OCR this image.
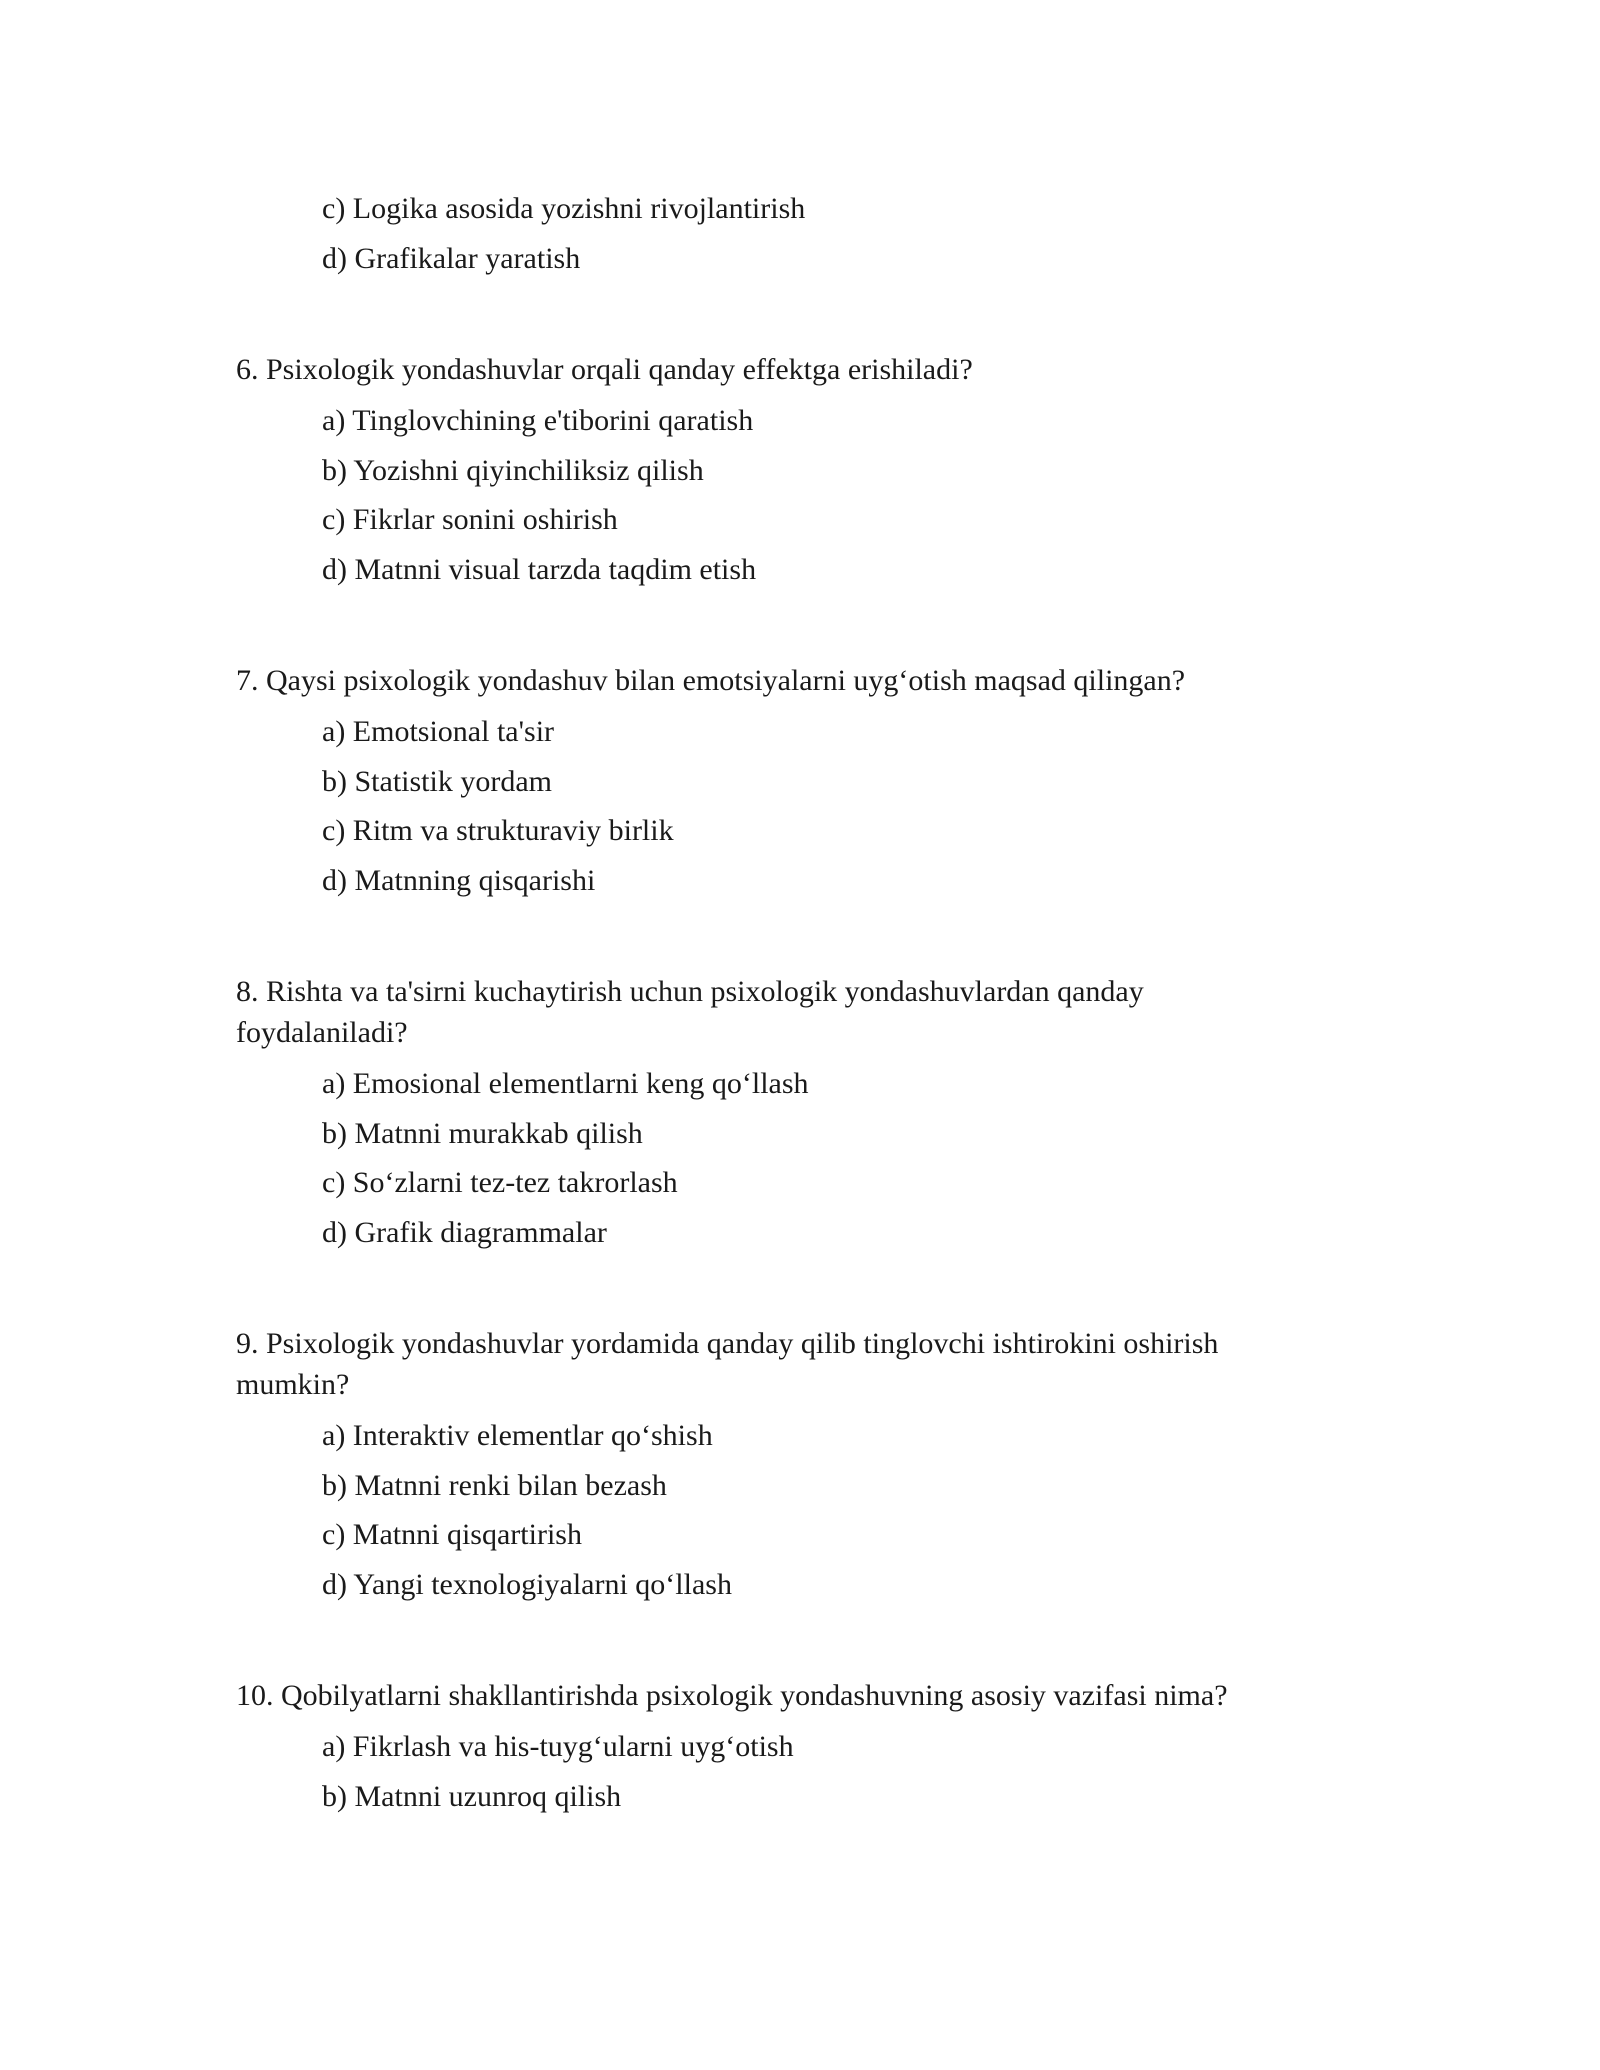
c) Logika asosida yozishni rivojlantirish
d) Grafikalar yaratish

6. Psixologik yondashuvlar orqali qanday effektga erishiladi?

a) Tinglovchining e'tiborini qaratish
b) Yozishni qiyinchiliksiz qilish
c) Fikrlar sonini oshirish
d) Matnni visual tarzda taqdim etish

7. Qaysi psixologik yondashuv bilan emotsiyalarni uyg‘otish maqsad qilingan?

a) Emotsional ta'sir
b) Statistik yordam
c) Ritm va strukturaviy birlik
d) Matnning qisqarishi

8. Rishta va ta'sirni kuchaytirish uchun psixologik yondashuvlardan qanday foydalaniladi?

a) Emosional elementlarni keng qo‘llash
b) Matnni murakkab qilish
c) So‘zlarni tez-tez takrorlash
d) Grafik diagrammalar

9. Psixologik yondashuvlar yordamida qanday qilib tinglovchi ishtirokini oshirish mumkin?

a) Interaktiv elementlar qo‘shish
b) Matnni renki bilan bezash
c) Matnni qisqartirish
d) Yangi texnologiyalarni qo‘llash

10. Qobilyatlarni shakllantirishda psixologik yondashuvning asosiy vazifasi nima?

a) Fikrlash va his-tuyg‘ularni uyg‘otish
b) Matnni uzunroq qilish
